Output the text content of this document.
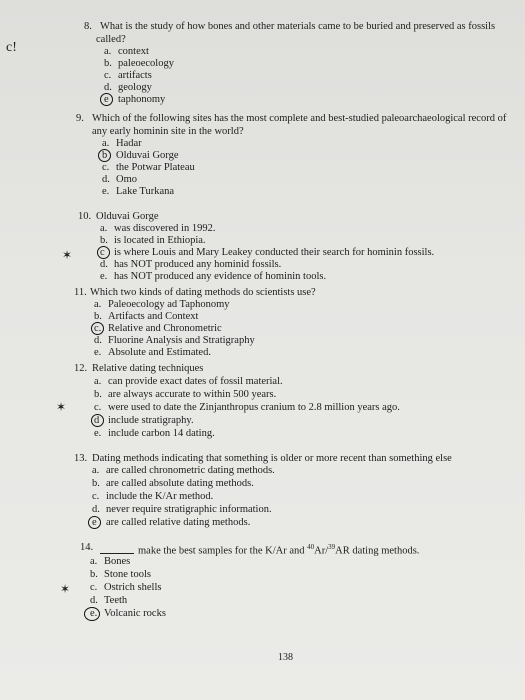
c!
8. What is the study of how bones and other materials came to be buried and preserved as fossils
called?
a. context
b. paleoecology
c. artifacts
d. geology
e taphonomy
9. Which of the following sites has the most complete and best-studied paleoarchaeological record of
any early hominin site in the world?
a. Hadar
b Olduvai Gorge
c. the Potwar Plateau
d. Omo
e. Lake Turkana
10. Olduvai Gorge
a. was discovered in 1992.
b. is located in Ethiopia.
c is where Louis and Mary Leakey conducted their search for hominin fossils.
d. has NOT produced any hominid fossils.
e. has NOT produced any evidence of hominin tools.
✶
11. Which two kinds of dating methods do scientists use?
a. Paleoecology ad Taphonomy
b. Artifacts and Context
c. Relative and Chronometric
d. Fluorine Analysis and Stratigraphy
e. Absolute and Estimated.
12. Relative dating techniques
a. can provide exact dates of fossil material.
b. are always accurate to within 500 years.
c. were used to date the Zinjanthropus cranium to 2.8 million years ago.
d include stratigraphy.
e. include carbon 14 dating.
✶
13. Dating methods indicating that something is older or more recent than something else
a. are called chronometric dating methods.
b. are called absolute dating methods.
c. include the K/Ar method.
d. never require stratigraphic information.
e are called relative dating methods.
14.	make the best samples for the K/Ar and $^{40}$Ar/$^{39}$AR dating methods.
a. Bones
b. Stone tools
c. Ostrich shells
d. Teeth
e. Volcanic rocks
✶
138
